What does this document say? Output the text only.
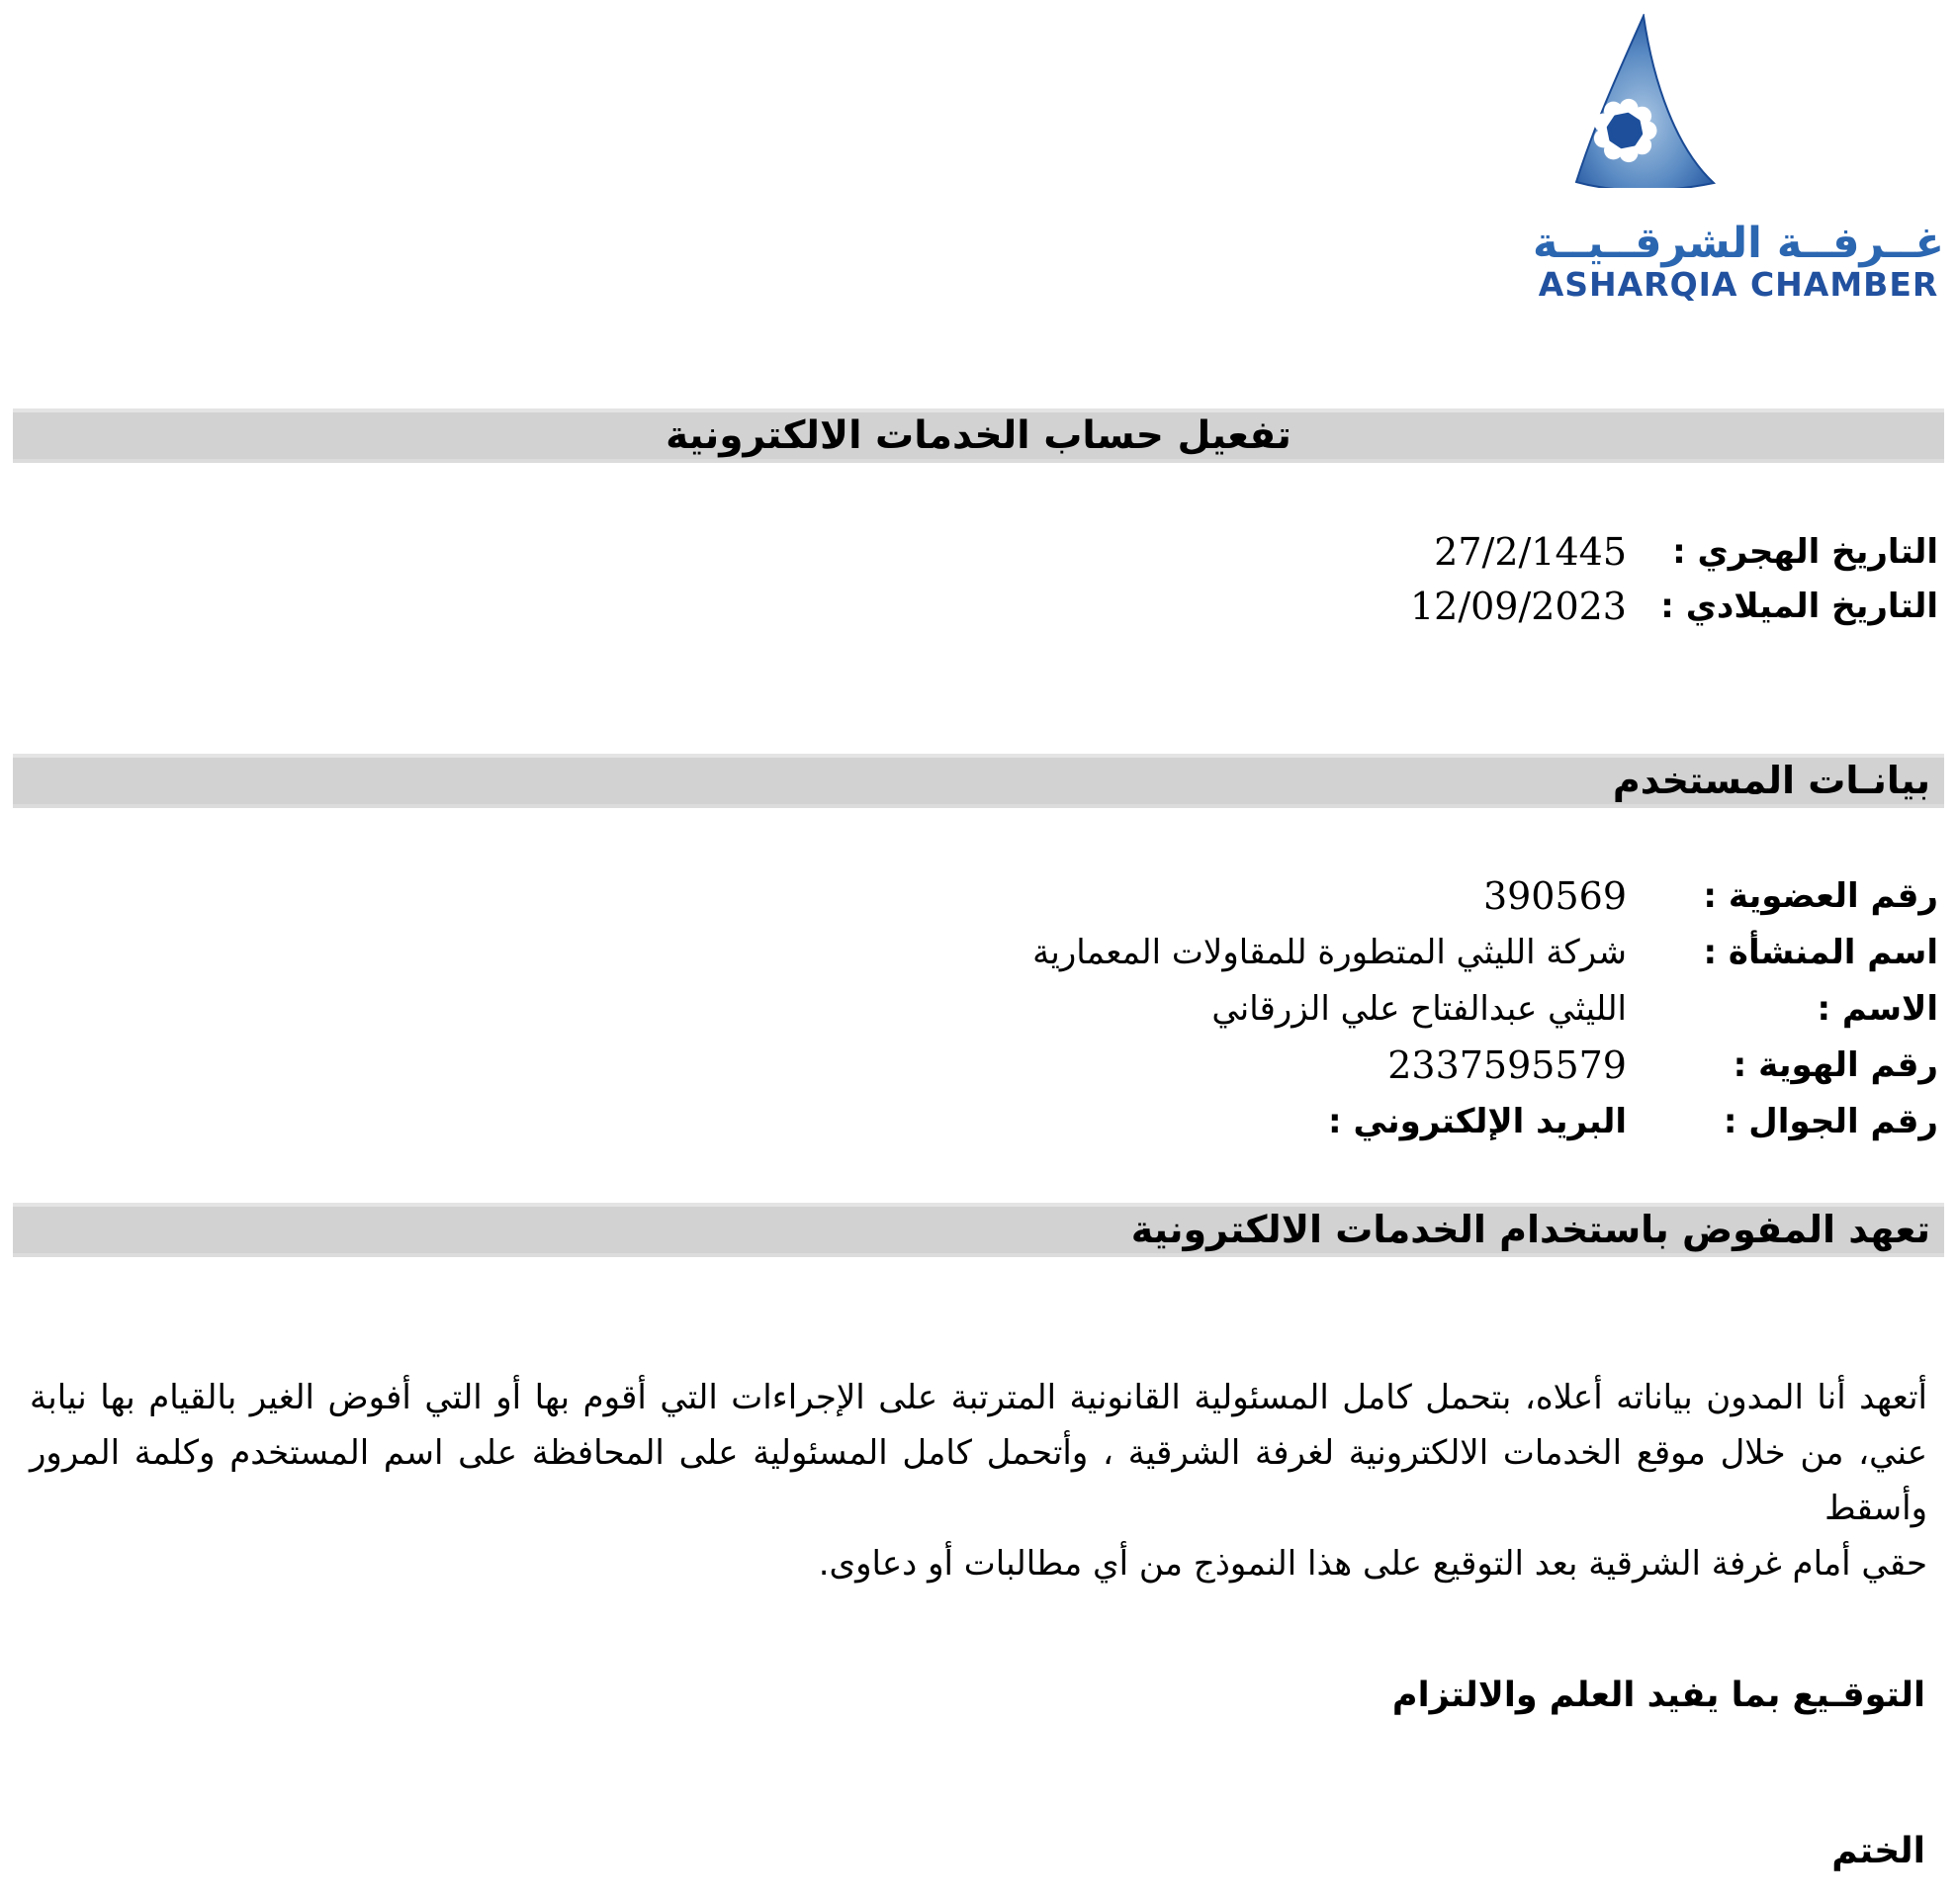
غــرفــة الشرقــيــة
ASHARQIA CHAMBER
تفعيل حساب الخدمات الالكترونية
التاريخ الهجري :
27/2/1445
التاريخ الميلادي :
12/09/2023
بيانـات المستخدم
رقم العضوية :
390569
اسم المنشأة :
شركة الليثي المتطورة للمقاولات المعمارية
الاسم :
الليثي عبدالفتاح علي الزرقاني
رقم الهوية :
2337595579
رقم الجوال :
البريد الإلكتروني :
تعهد المفوض باستخدام الخدمات الالكترونية
أتعهد أنا المدون بياناته أعلاه، بتحمل كامل المسئولية القانونية المترتبة على الإجراءات التي أقوم بها أو التي أفوض الغير بالقيام بها نيابة
عني، من خلال موقع الخدمات الالكترونية لغرفة الشرقية ، وأتحمل كامل المسئولية على المحافظة على اسم المستخدم وكلمة المرور وأسقط
حقي أمام غرفة الشرقية بعد التوقيع على هذا النموذج من أي مطالبات أو دعاوى.
التوقـيع بما يفيد العلم والالتزام
الختم
